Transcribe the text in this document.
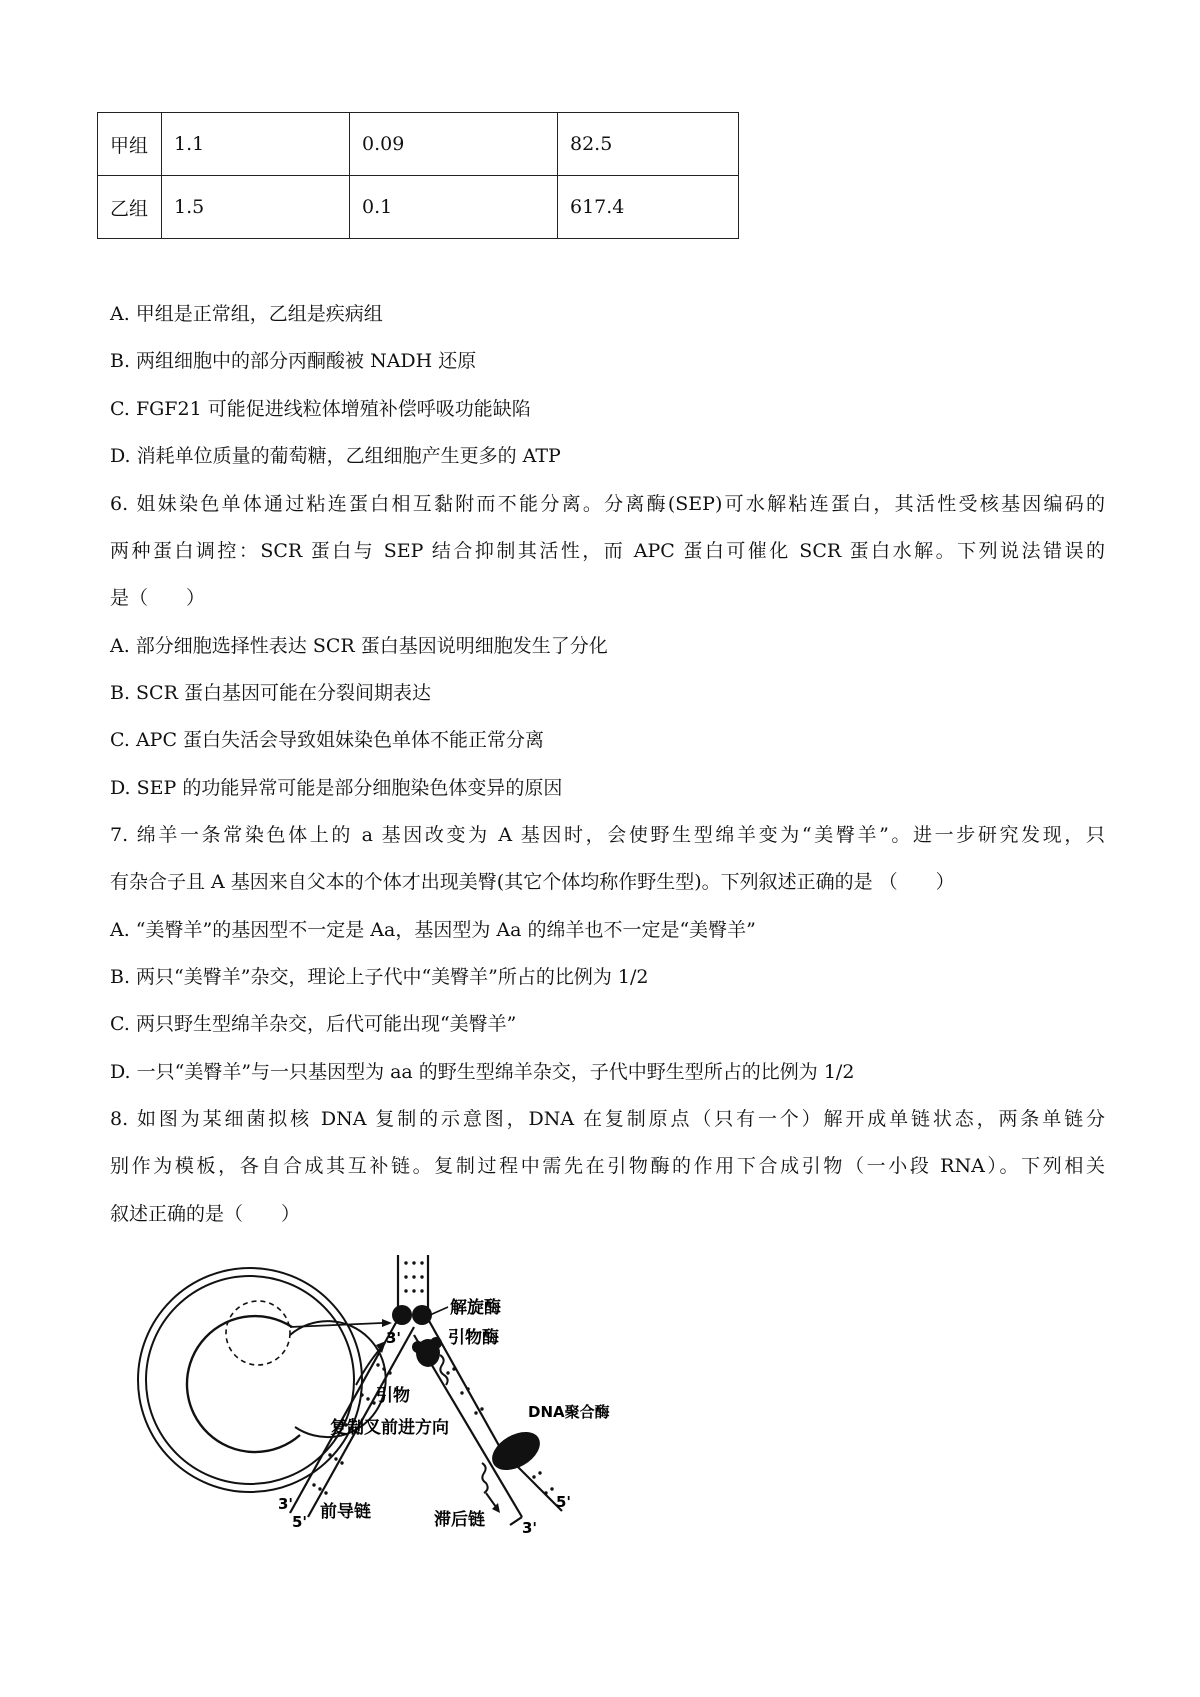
甲组	1.1	0.09	82.5
乙组	1.5	0.1	617.4
A. 甲组是正常组，乙组是疾病组
B. 两组细胞中的部分丙酮酸被 NADH 还原
C. FGF21 可能促进线粒体增殖补偿呼吸功能缺陷
D. 消耗单位质量的葡萄糖，乙组细胞产生更多的 ATP
6. 姐妹染色单体通过粘连蛋白相互黏附而不能分离。分离酶(SEP)可水解粘连蛋白，其活性受核基因编码的
两种蛋白调控：SCR 蛋白与 SEP 结合抑制其活性，而 APC 蛋白可催化 SCR 蛋白水解。下列说法错误的
是（　　）
A. 部分细胞选择性表达 SCR 蛋白基因说明细胞发生了分化
B. SCR 蛋白基因可能在分裂间期表达
C. APC 蛋白失活会导致姐妹染色单体不能正常分离
D. SEP 的功能异常可能是部分细胞染色体变异的原因
7. 绵羊一条常染色体上的 a 基因改变为 A 基因时，会使野生型绵羊变为“美臀羊”。进一步研究发现，只
有杂合子且 A 基因来自父本的个体才出现美臀(其它个体均称作野生型)。下列叙述正确的是 （　　）
A. “美臀羊”的基因型不一定是 Aa，基因型为 Aa 的绵羊也不一定是“美臀羊”
B. 两只“美臀羊”杂交，理论上子代中“美臀羊”所占的比例为 1/2
C. 两只野生型绵羊杂交，后代可能出现“美臀羊”
D. 一只“美臀羊”与一只基因型为 aa 的野生型绵羊杂交，子代中野生型所占的比例为 1/2
8. 如图为某细菌拟核 DNA 复制的示意图，DNA 在复制原点（只有一个）解开成单链状态，两条单链分
别作为模板，各自合成其互补链。复制过程中需先在引物酶的作用下合成引物（一小段 RNA）。下列相关
叙述正确的是（　　）
解旋酶
引物酶
DNA聚合酶
引物
复制叉前进方向
前导链	滞后链
3'
3'
5'
5'
3'
